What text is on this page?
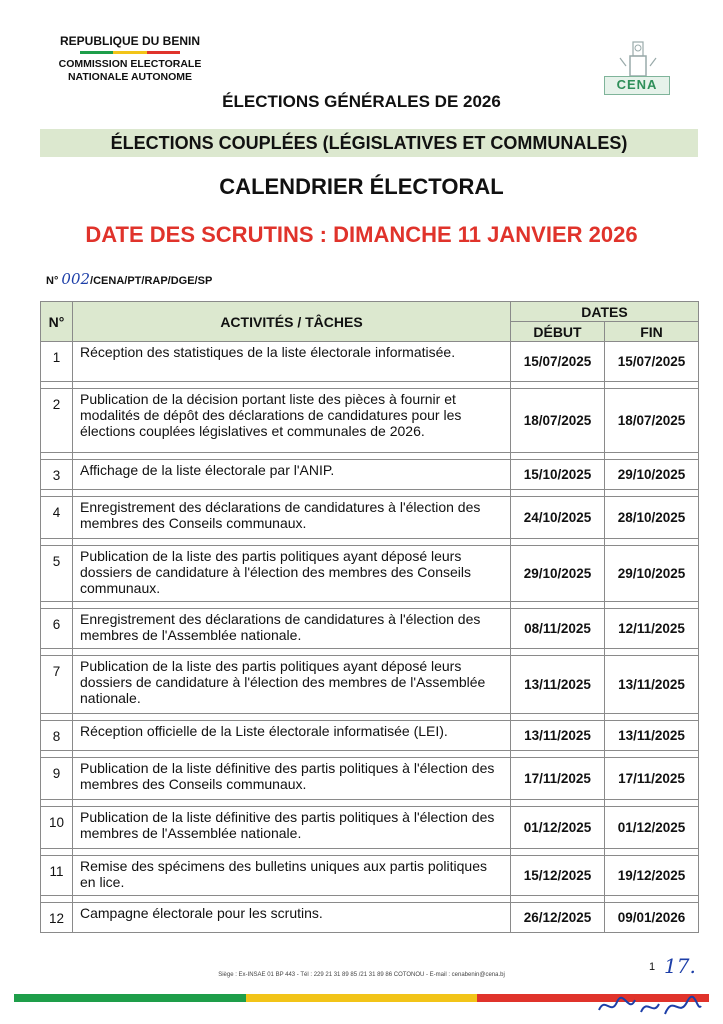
REPUBLIQUE DU BENIN
COMMISSION ELECTORALE
NATIONALE AUTONOME	CENA
ÉLECTIONS GÉNÉRALES DE 2026
ÉLECTIONS COUPLÉES (LÉGISLATIVES ET COMMUNALES)
CALENDRIER ÉLECTORAL
DATE DES SCRUTINS : DIMANCHE 11 JANVIER 2026
N° 002/CENA/PT/RAP/DGE/SP
N°	ACTIVITÉS / TÂCHES	DATES	
		DÉBUT	FIN
1	Réception des statistiques de la liste électorale informatisée.	15/07/2025	15/07/2025

2	Publication de la décision portant liste des pièces à fournir et modalités de dépôt des déclarations de candidatures pour les élections couplées législatives et communales de 2026.	18/07/2025	18/07/2025

3	Affichage de la liste électorale par l'ANIP.	15/10/2025	29/10/2025

4	Enregistrement des déclarations de candidatures à l'élection des membres des Conseils communaux.	24/10/2025	28/10/2025

5	Publication de la liste des partis politiques ayant déposé leurs dossiers de candidature à l'élection des membres des Conseils communaux.	29/10/2025	29/10/2025

6	Enregistrement des déclarations de candidatures à l'élection des membres de l'Assemblée nationale.	08/11/2025	12/11/2025

7	Publication de la liste des partis politiques ayant déposé leurs dossiers de candidature à l'élection des membres de l'Assemblée nationale.	13/11/2025	13/11/2025

8	Réception officielle de la Liste électorale informatisée (LEI).	13/11/2025	13/11/2025

9	Publication de la liste définitive des partis politiques à l'élection des membres des Conseils communaux.	17/11/2025	17/11/2025

10	Publication de la liste définitive des partis politiques à l'élection des membres de l'Assemblée nationale.	01/12/2025	01/12/2025

11	Remise des spécimens des bulletins uniques aux partis politiques en lice.	15/12/2025	19/12/2025

12	Campagne électorale pour les scrutins.	26/12/2025	09/01/2026
1 17.
Siège : Ex-INSAE 01 BP 443 - Tél : 229 21 31 89 85 /21 31 89 86 COTONOU - E-mail : cenabenin@cena.bj
